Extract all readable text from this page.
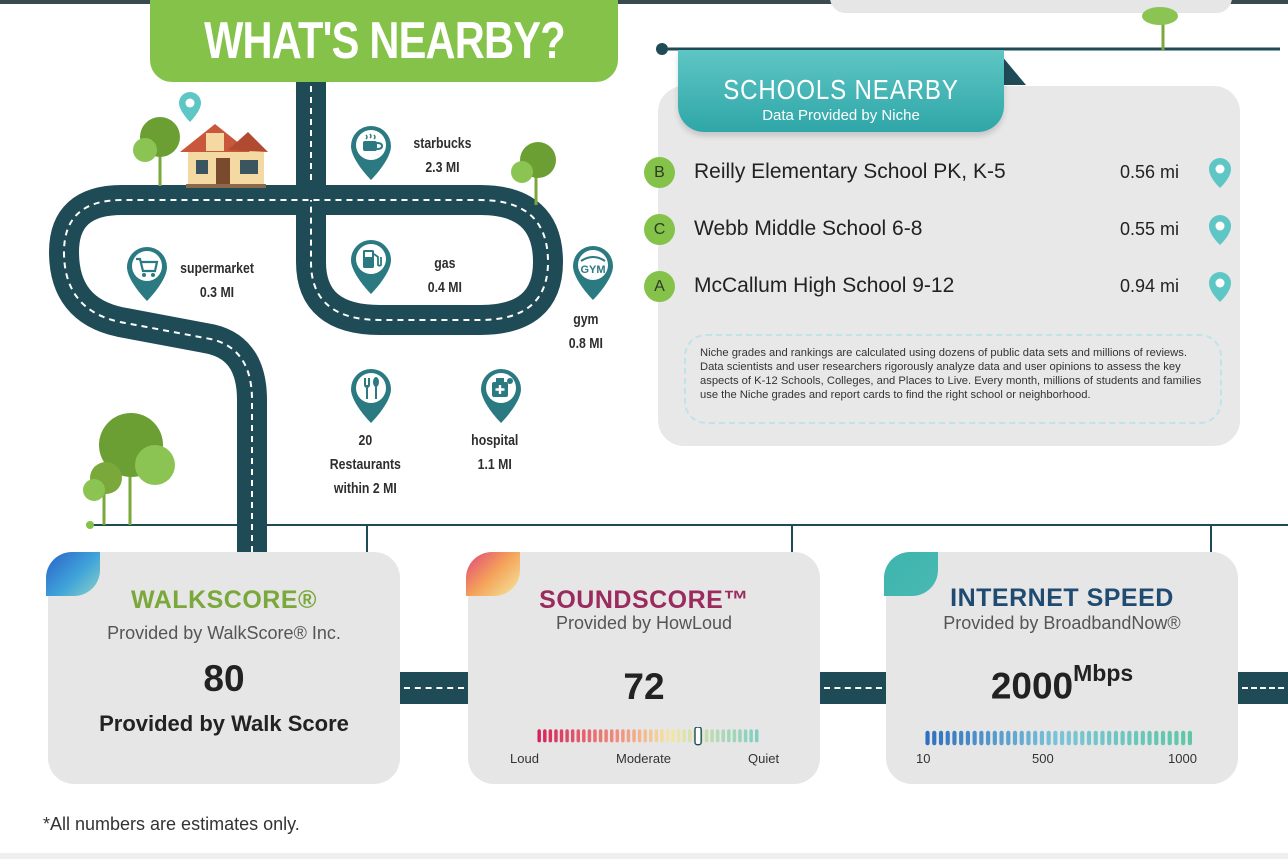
WHAT'S NEARBY?
starbucks
2.3 MI
supermarket
0.3 MI
gas
0.4 MI
GYM
gym
0.8 MI
20
Restaurants
within 2 MI
hospital
1.1 MI
SCHOOLS NEARBY
Data Provided by Niche
B	Reilly Elementary School PK, K-5	0.56 mi
C	Webb Middle School 6-8	0.55 mi
A	McCallum High School 9-12	0.94 mi
Niche grades and rankings are calculated using dozens of public data sets and millions of reviews. Data scientists and user researchers rigorously analyze data and user opinions to assess the key aspects of K-12 Schools, Colleges, and Places to Live. Every month, millions of students and families use the Niche grades and report cards to find the right school or neighborhood.
WALKSCORE®
Provided by WalkScore® Inc.
80
Provided by Walk Score
SOUNDSCORE™
Provided by HowLoud
72
Loud	Moderate	Quiet
INTERNET SPEED
Provided by BroadbandNow®
$2000^{Mbps}$
10	500	1000
*All numbers are estimates only.
